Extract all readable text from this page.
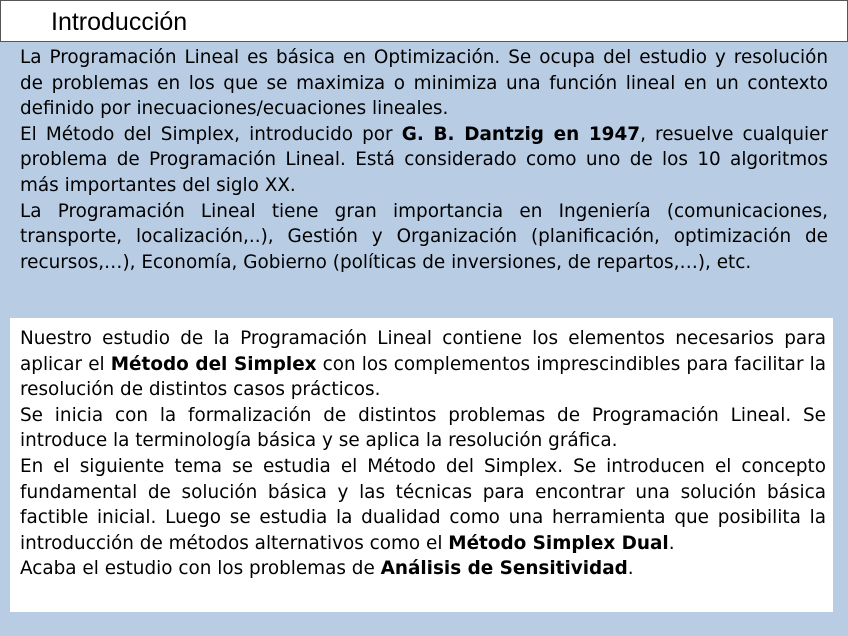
Introducción

La Programación Lineal es básica en Optimización. Se ocupa del estudio y resolución de problemas en los que se maximiza o minimiza una función lineal en un contexto definido por inecuaciones/ecuaciones lineales.

El Método del Simplex, introducido por G. B. Dantzig en 1947, resuelve cualquier problema de Programación Lineal. Está considerado como uno de los 10 algoritmos más importantes del siglo XX.

La Programación Lineal tiene gran importancia en Ingeniería (comunicaciones, transporte, localización,..), Gestión y Organización (planificación, optimización de recursos,…), Economía, Gobierno (políticas de inversiones, de repartos,…), etc.

Nuestro estudio de la Programación Lineal contiene los elementos necesarios para aplicar el Método del Simplex con los complementos imprescindibles para facilitar la resolución de distintos casos prácticos.

Se inicia con la formalización de distintos problemas de Programación Lineal. Se introduce la terminología básica y se aplica la resolución gráfica.

En el siguiente tema se estudia el Método del Simplex. Se introducen el concepto fundamental de solución básica y las técnicas para encontrar una solución básica factible inicial. Luego se estudia la dualidad como una herramienta que posibilita la introducción de métodos alternativos como el Método Simplex Dual.

Acaba el estudio con los problemas de Análisis de Sensitividad.
